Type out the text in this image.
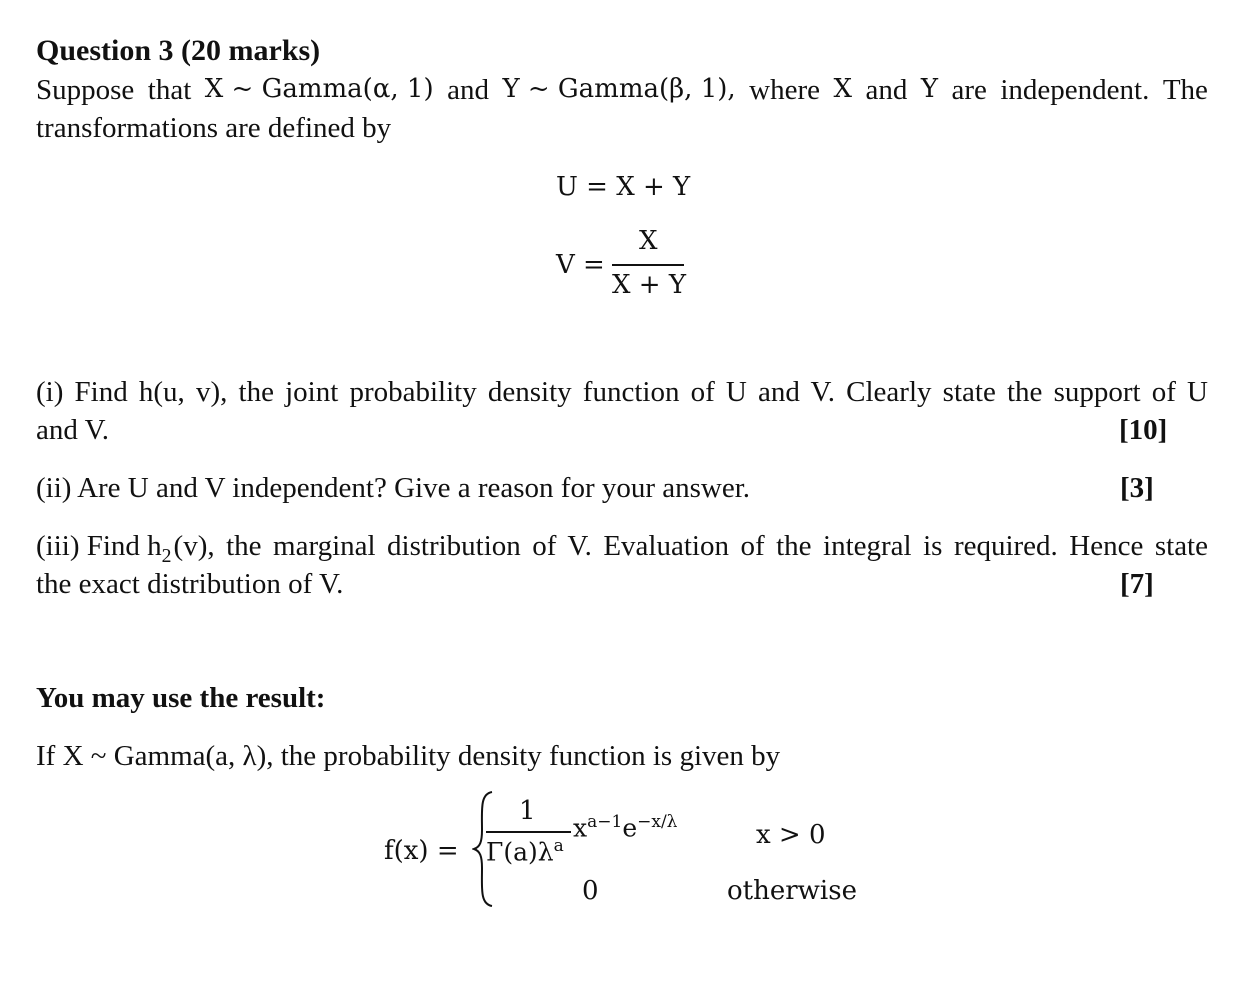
Question 3 (20 marks)
Suppose that X ~ Gamma(α, 1) and Y ~ Gamma(β, 1), where X and Y are independent. The
transformations are defined by
U = X + Y
V =
X
X + Y
(i) Find h(u, v), the joint probability density function of U and V. Clearly state the support of U
and V.	[10]
(ii) Are U and V independent? Give a reason for your answer.	[3]
(iii) Find $h_2$ (v), the marginal distribution of V. Evaluation of the integral is required. Hence state
the exact distribution of V.	[7]
You may use the result:
If X ~ Gamma(a, λ), the probability density function is given by
f(x) =
1
$\Gamma(a)\lambda^a$
$x^{a-1}e^{-x/\lambda}$	x > 0
0	otherwise
